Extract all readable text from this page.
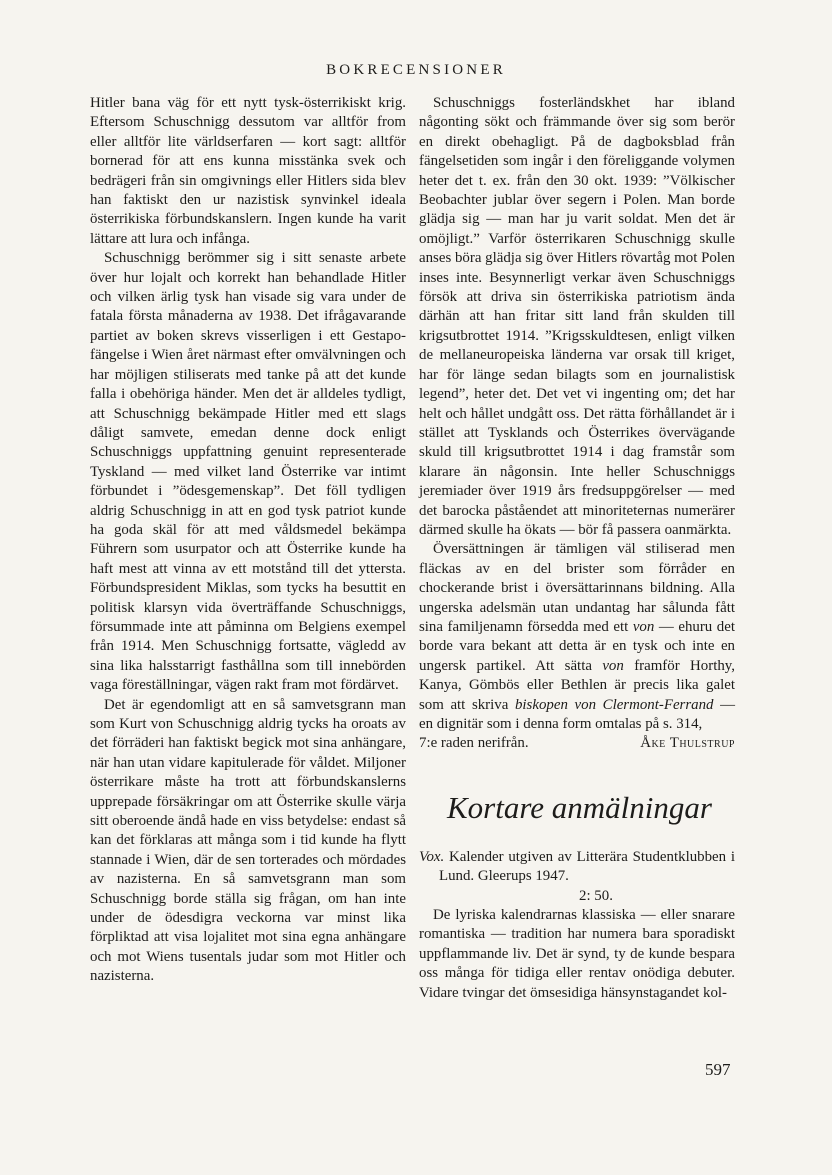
BOKRECENSIONER

Hitler bana väg för ett nytt tysk-österrikiskt krig. Eftersom Schuschnigg dessutom var alltför from eller alltför lite världserfaren — kort sagt: alltför bornerad för att ens kunna misstänka svek och bedrägeri från sin omgivnings eller Hitlers sida blev han faktiskt den ur nazistisk synvinkel ideala österrikiska förbundskanslern. Ingen kunde ha varit lättare att lura och infånga.

Schuschnigg berömmer sig i sitt senaste arbete över hur lojalt och korrekt han behandlade Hitler och vilken ärlig tysk han visade sig vara under de fatala första månaderna av 1938. Det ifrågavarande partiet av boken skrevs visserligen i ett Gestapo-fängelse i Wien året närmast efter omvälvningen och har möjligen stiliserats med tanke på att det kunde falla i obehöriga händer. Men det är alldeles tydligt, att Schuschnigg bekämpade Hitler med ett slags dåligt samvete, emedan denne dock enligt Schuschniggs uppfattning genuint representerade Tyskland — med vilket land Österrike var intimt förbundet i ”ödesgemenskap”. Det föll tydligen aldrig Schuschnigg in att en god tysk patriot kunde ha goda skäl för att med våldsmedel bekämpa Führern som usurpator och att Österrike kunde ha haft mest att vinna av ett motstånd till det yttersta. Förbundspresident Miklas, som tycks ha besuttit en politisk klarsyn vida överträffande Schuschniggs, försummade inte att påminna om Belgiens exempel från 1914. Men Schuschnigg fortsatte, vägledd av sina lika halsstarrigt fasthållna som till innebörden vaga föreställningar, vägen rakt fram mot fördärvet.

Det är egendomligt att en så samvetsgrann man som Kurt von Schuschnigg aldrig tycks ha oroats av det förräderi han faktiskt begick mot sina anhängare, när han utan vidare kapitulerade för våldet. Miljoner österrikare måste ha trott att förbundskanslerns upprepade försäkringar om att Österrike skulle värja sitt oberoende ändå hade en viss betydelse: endast så kan det förklaras att många som i tid kunde ha flytt stannade i Wien, där de sen torterades och mördades av nazisterna. En så samvetsgrann man som Schuschnigg borde ställa sig frågan, om han inte under de ödesdigra veckorna var minst lika förpliktad att visa lojalitet mot sina egna anhängare och mot Wiens tusentals judar som mot Hitler och nazisterna.

Schuschniggs fosterländskhet har ibland någonting sökt och främmande över sig som berör en direkt obehagligt. På de dagboksblad från fängelsetiden som ingår i den föreliggande volymen heter det t. ex. från den 30 okt. 1939: ”Völkischer Beobachter jublar över segern i Polen. Man borde glädja sig — man har ju varit soldat. Men det är omöjligt.” Varför österrikaren Schuschnigg skulle anses böra glädja sig över Hitlers rövartåg mot Polen inses inte. Besynnerligt verkar även Schuschniggs försök att driva sin österrikiska patriotism ända därhän att han fritar sitt land från skulden till krigsutbrottet 1914. ”Krigsskuldtesen, enligt vilken de mellaneuropeiska länderna var orsak till kriget, har för länge sedan bilagts som en journalistisk legend”, heter det. Det vet vi ingenting om; det har helt och hållet undgått oss. Det rätta förhållandet är i stället att Tysklands och Österrikes övervägande skuld till krigsutbrottet 1914 i dag framstår som klarare än någonsin. Inte heller Schuschniggs jeremiader över 1919 års fredsuppgörelser — med det barocka påståendet att minoriteternas numerärer därmed skulle ha ökats — bör få passera oanmärkta.

Översättningen är tämligen väl stiliserad men fläckas av en del brister som förråder en chockerande brist i översättarinnans bildning. Alla ungerska adelsmän utan undantag har sålunda fått sina familjenamn försedda med ett von — ehuru det borde vara bekant att detta är en tysk och inte en ungersk partikel. Att sätta von framför Horthy, Kanya, Gömbös eller Bethlen är precis lika galet som att skriva biskopen von Clermont-Ferrand — en dignitär som i denna form omtalas på s. 314,

7:e raden nerifrån.	Åke Thulstrup
Kortare anmälningar

Vox. Kalender utgiven av Litterära Studentklubben i Lund. Gleerups 1947.
2: 50.

De lyriska kalendrarnas klassiska — eller snarare romantiska — tradition har numera bara sporadiskt uppflammande liv. Det är synd, ty de kunde bespara oss många för tidiga eller rentav onödiga debuter. Vidare tvingar det ömsesidiga hänsynstagandet kol-

597
